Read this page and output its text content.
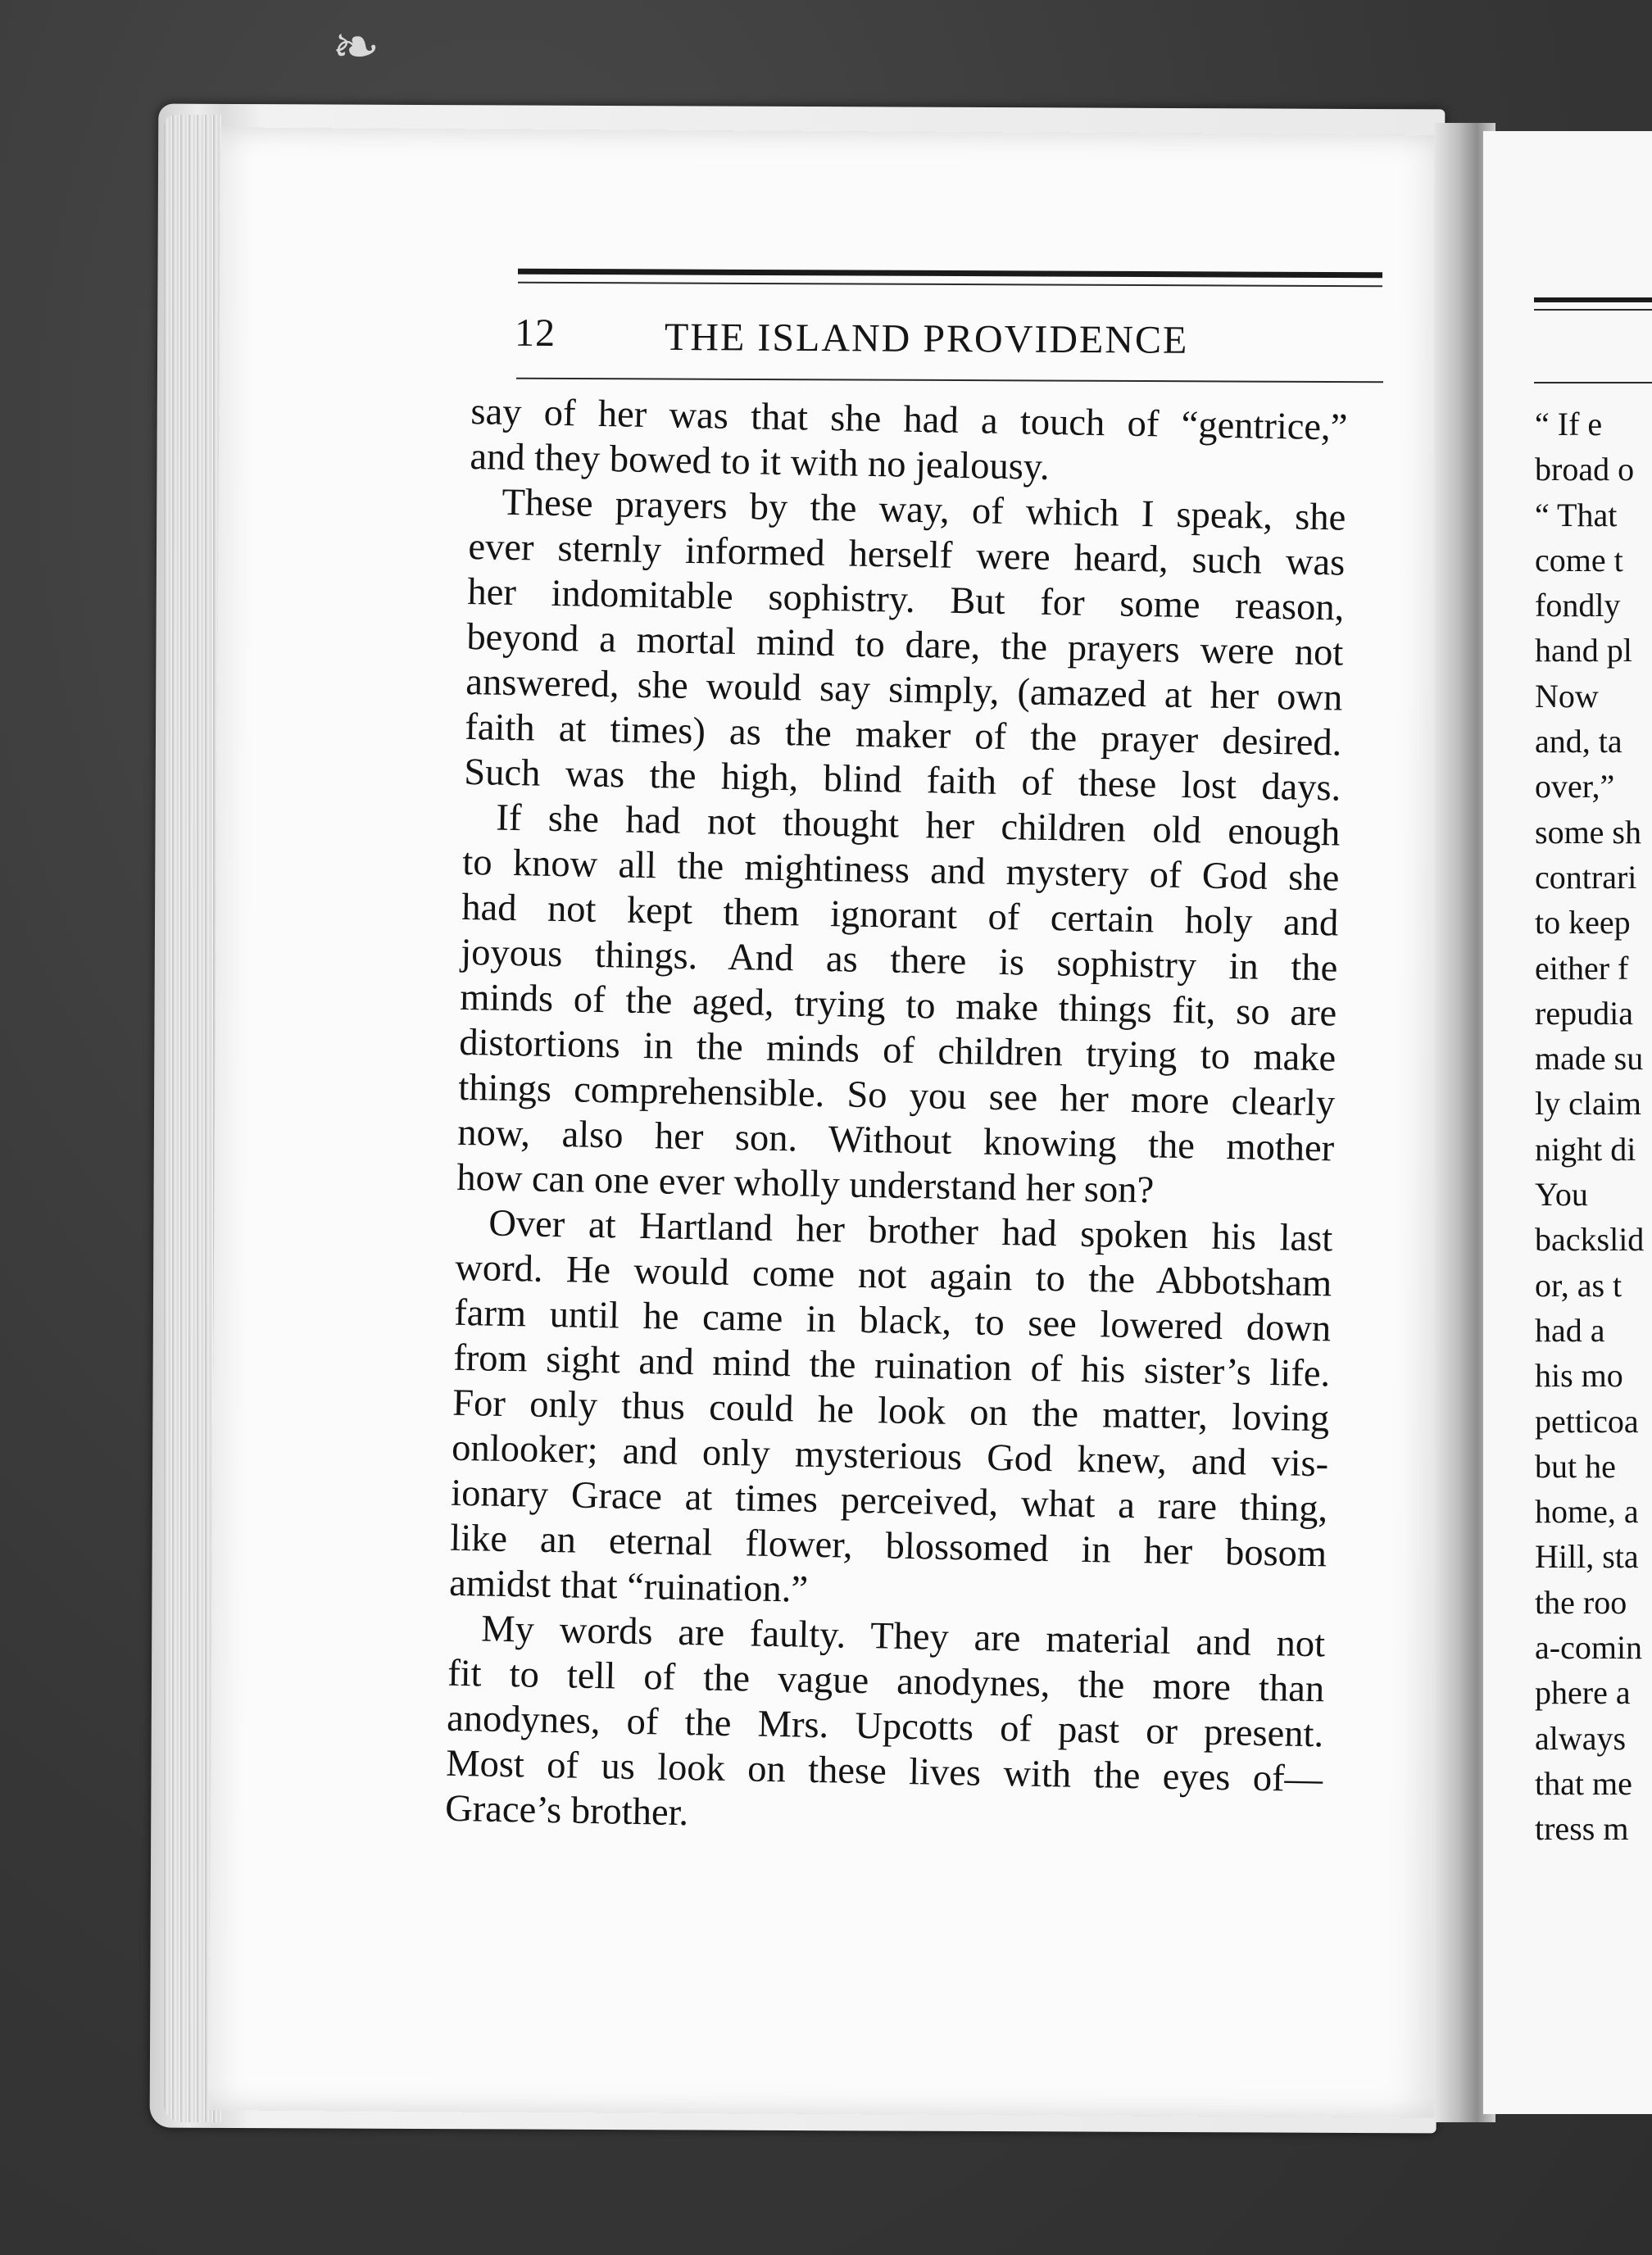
❧
12	THE ISLAND PROVIDENCE
say of her was that she had a touch of “gentrice,”
and they bowed to it with no jealousy.
These prayers by the way, of which I speak, she
ever sternly informed herself were heard, such was
her indomitable sophistry. But for some reason,
beyond a mortal mind to dare, the prayers were not
answered, she would say simply, (amazed at her own
faith at times) as the maker of the prayer desired.
Such was the high, blind faith of these lost days.
If she had not thought her children old enough
to know all the mightiness and mystery of God she
had not kept them ignorant of certain holy and
joyous things. And as there is sophistry in the
minds of the aged, trying to make things fit, so are
distortions in the minds of children trying to make
things comprehensible. So you see her more clearly
now, also her son. Without knowing the mother
how can one ever wholly understand her son?
Over at Hartland her brother had spoken his last
word. He would come not again to the Abbotsham
farm until he came in black, to see lowered down
from sight and mind the ruination of his sister’s life.
For only thus could he look on the matter, loving
onlooker; and only mysterious God knew, and vis-
ionary Grace at times perceived, what a rare thing,
like an eternal flower, blossomed in her bosom
amidst that “ruination.”
My words are faulty. They are material and not
fit to tell of the vague anodynes, the more than
anodynes, of the Mrs. Upcotts of past or present.
Most of us look on these lives with the eyes of—
Grace’s brother.
“ If e
broad o
“ That
come t
fondly
hand pl
Now
and, ta
over,”
some sh
contrari
to keep
either f
repudia
made su
ly claim
night di
You
backslid
or, as t
had a
his mo
petticoa
but he
home, a
Hill, sta
the roo
a-comin
phere a
always
that me
tress m
